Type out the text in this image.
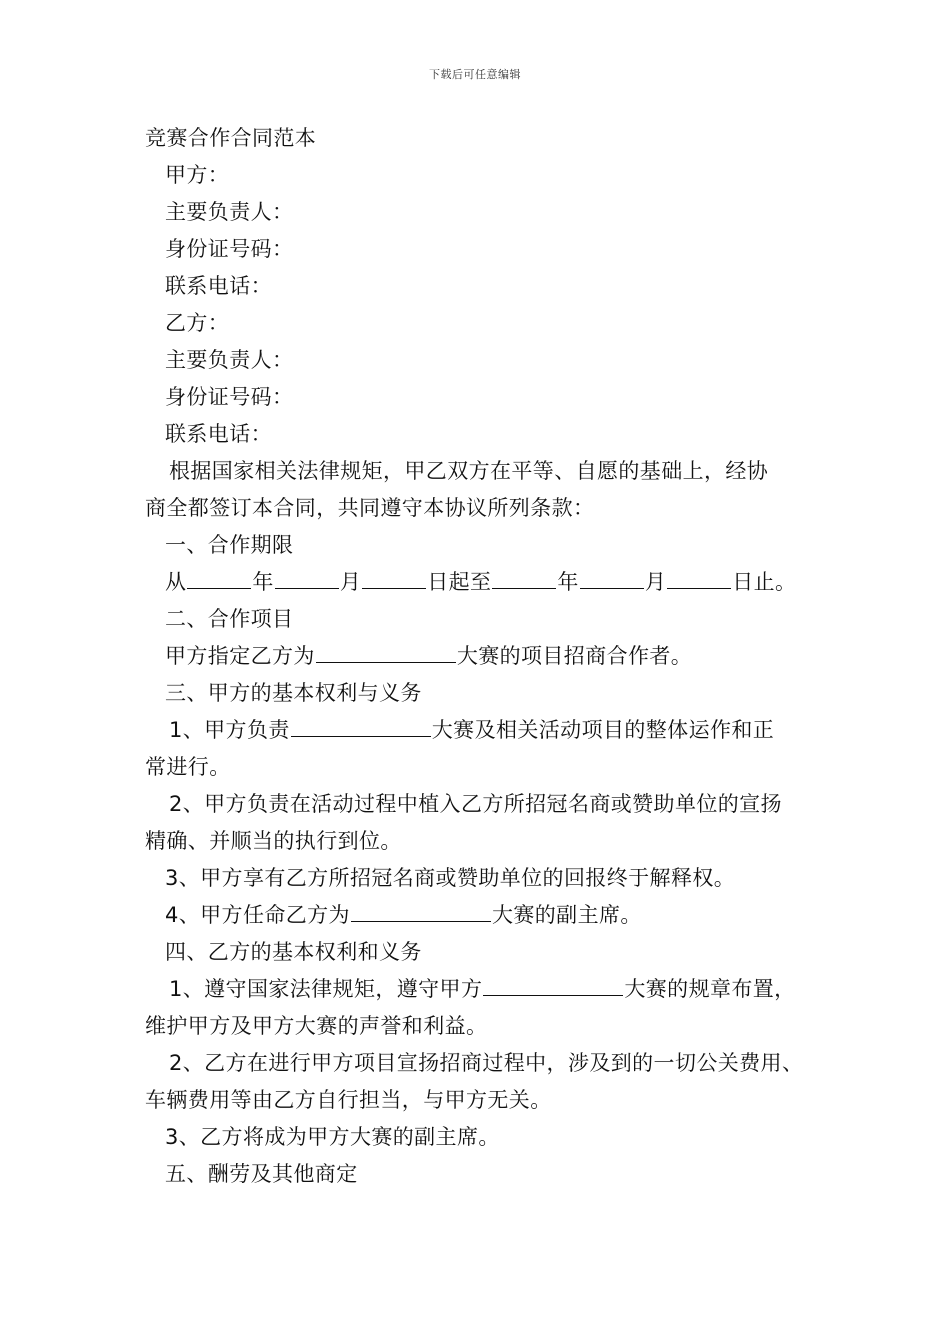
下载后可任意编辑
竞赛合作合同范本
甲方：
主要负责人：
身份证号码：
联系电话：
乙方：
主要负责人：
身份证号码：
联系电话：
根据国家相关法律规矩，甲乙双方在平等、自愿的基础上，经协
商全都签订本合同，共同遵守本协议所列条款：
一、合作期限
从	年	月	日起至	年	月	日止。
二、合作项目
甲方指定乙方为	大赛的项目招商合作者。
三、甲方的基本权利与义务
1、甲方负责	大赛及相关活动项目的整体运作和正
常进行。
2、甲方负责在活动过程中植入乙方所招冠名商或赞助单位的宣扬
精确、并顺当的执行到位。
3、甲方享有乙方所招冠名商或赞助单位的回报终于解释权。
4、甲方任命乙方为	大赛的副主席。
四、乙方的基本权利和义务
1、遵守国家法律规矩，遵守甲方	大赛的规章布置，
维护甲方及甲方大赛的声誉和利益。
2、乙方在进行甲方项目宣扬招商过程中，涉及到的一切公关费用、
车辆费用等由乙方自行担当，与甲方无关。
3、乙方将成为甲方大赛的副主席。
五、酬劳及其他商定
